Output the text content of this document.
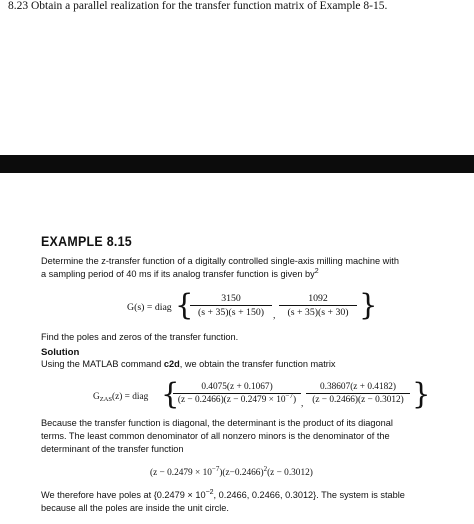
8.23 Obtain a parallel realization for the transfer function matrix of Example 8-15.
EXAMPLE 8.15
Determine the z-transfer function of a digitally controlled single-axis milling machine with
a sampling period of 40 ms if its analog transfer function is given $by^2$
G(s) = diag {
$\frac{3150}{(s + 35)(s + 150)}$ , $\frac{1092}{(s + 35)(s + 30)}$ }
Find the poles and zeros of the transfer function.
Solution
Using the MATLAB command c2d, we obtain the transfer function matrix
$G_{ZAS}(z)$ = diag {
$\frac{0.4075(z + 0.1067)}{(z - 0.2466)(z - 0.2479 \times 10^{-7})}$ , $\frac{0.38607(z + 0.4182)}{(z - 0.2466)(z - 0.3012)}$ }
Because the transfer function is diagonal, the determinant is the product of its diagonal
terms. The least common denominator of all nonzero minors is the denominator of the
determinant of the transfer function
$(z - 0.2479 \times 10^{-7})(z-0.2466)^2(z - 0.3012)$
We therefore have poles at {$0.2479 \times 10^{-2}$, 0.2466, 0.2466, 0.3012}. The system is stable
because all the poles are inside the unit circle.
